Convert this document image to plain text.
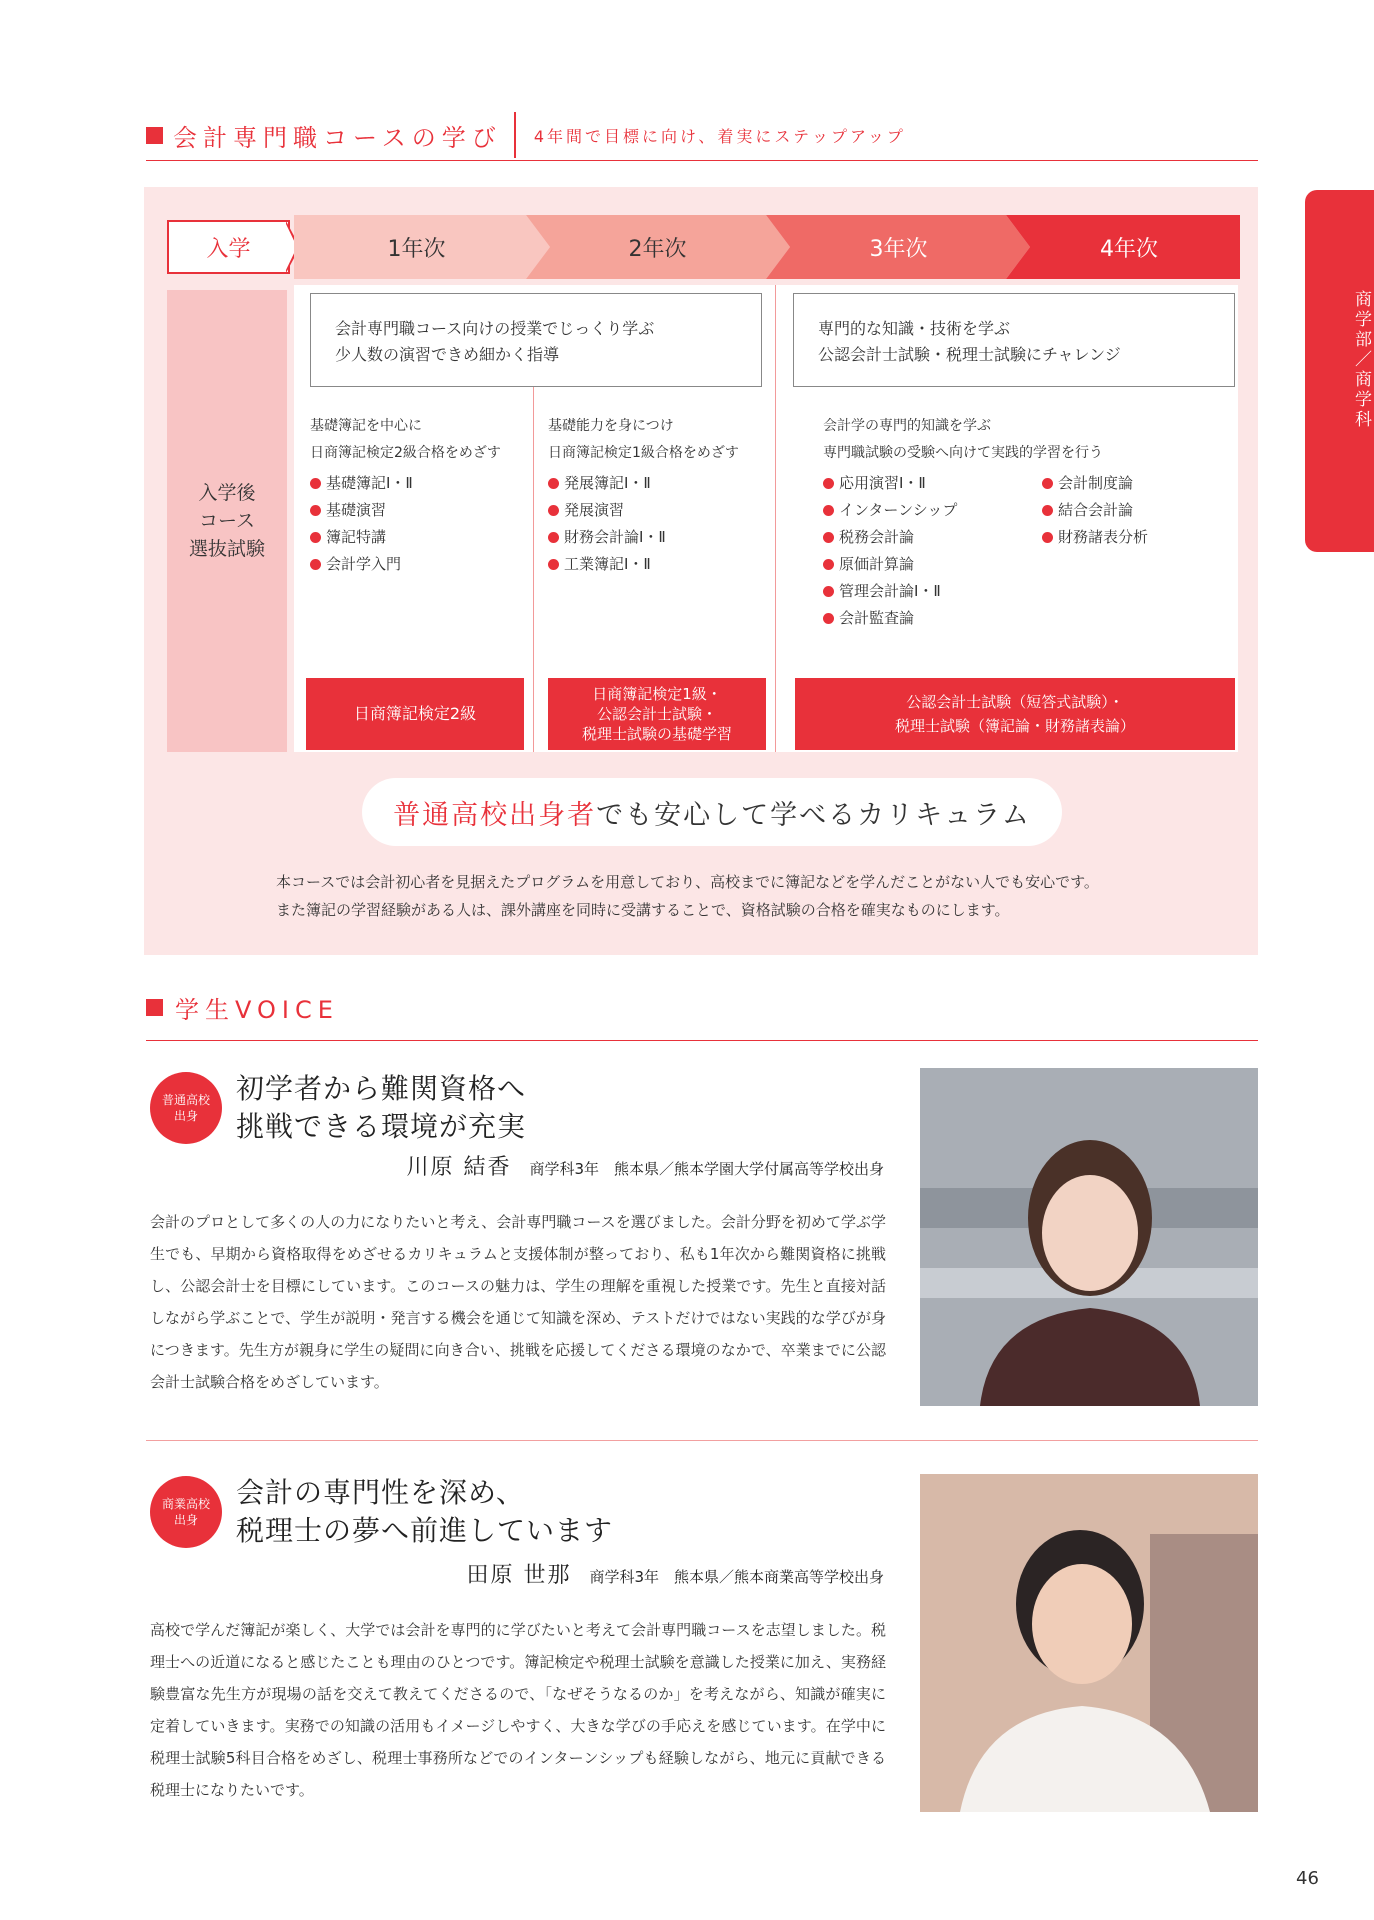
会計専門職コースの学び 4年間で目標に向け、着実にステップアップ
商学部／商学科
入学	1年次	2年次	3年次	4年次
入学後
コース
選抜試験
会計専門職コース向けの授業でじっくり学ぶ
少人数の演習できめ細かく指導
専門的な知識・技術を学ぶ
公認会計士試験・税理士試験にチャレンジ
基礎簿記を中心に
日商簿記検定2級合格をめざす
基礎簿記Ⅰ・Ⅱ
基礎演習
簿記特講
会計学入門
日商簿記検定2級
基礎能力を身につけ
日商簿記検定1級合格をめざす
発展簿記Ⅰ・Ⅱ
発展演習
財務会計論Ⅰ・Ⅱ
工業簿記Ⅰ・Ⅱ
日商簿記検定1級・
公認会計士試験・
税理士試験の基礎学習
会計学の専門的知識を学ぶ
専門職試験の受験へ向けて実践的学習を行う
応用演習Ⅰ・Ⅱ
インターンシップ
税務会計論
原価計算論
管理会計論Ⅰ・Ⅱ
会計監査論
会計制度論
結合会計論
財務諸表分析
公認会計士試験（短答式試験）・
税理士試験（簿記論・財務諸表論）
普通高校出身者 でも安心して学べるカリキュラム
本コースでは会計初心者を見据えたプログラムを用意しており、高校までに簿記などを学んだことがない人でも安心です。
また簿記の学習経験がある人は、課外講座を同時に受講することで、資格試験の合格を確実なものにします。
学生VOICE
普通高校
出身
初学者から難関資格へ
挑戦できる環境が充実
川原 結香 商学科3年　熊本県／熊本学園大学付属高等学校出身
会計のプロとして多くの人の力になりたいと考え、会計専門職コースを選びました。会計分野を初めて学ぶ学生でも、早期から資格取得をめざせるカリキュラムと支援体制が整っており、私も1年次から難関資格に挑戦し、公認会計士を目標にしています。このコースの魅力は、学生の理解を重視した授業です。先生と直接対話しながら学ぶことで、学生が説明・発言する機会を通じて知識を深め、テストだけではない実践的な学びが身につきます。先生方が親身に学生の疑問に向き合い、挑戦を応援してくださる環境のなかで、卒業までに公認会計士試験合格をめざしています。
商業高校
出身
会計の専門性を深め、
税理士の夢へ前進しています
田原 世那 商学科3年　熊本県／熊本商業高等学校出身
高校で学んだ簿記が楽しく、大学では会計を専門的に学びたいと考えて会計専門職コースを志望しました。税理士への近道になると感じたことも理由のひとつです。簿記検定や税理士試験を意識した授業に加え、実務経験豊富な先生方が現場の話を交えて教えてくださるので、「なぜそうなるのか」を考えながら、知識が確実に定着していきます。実務での知識の活用もイメージしやすく、大きな学びの手応えを感じています。在学中に税理士試験5科目合格をめざし、税理士事務所などでのインターンシップも経験しながら、地元に貢献できる税理士になりたいです。
46
